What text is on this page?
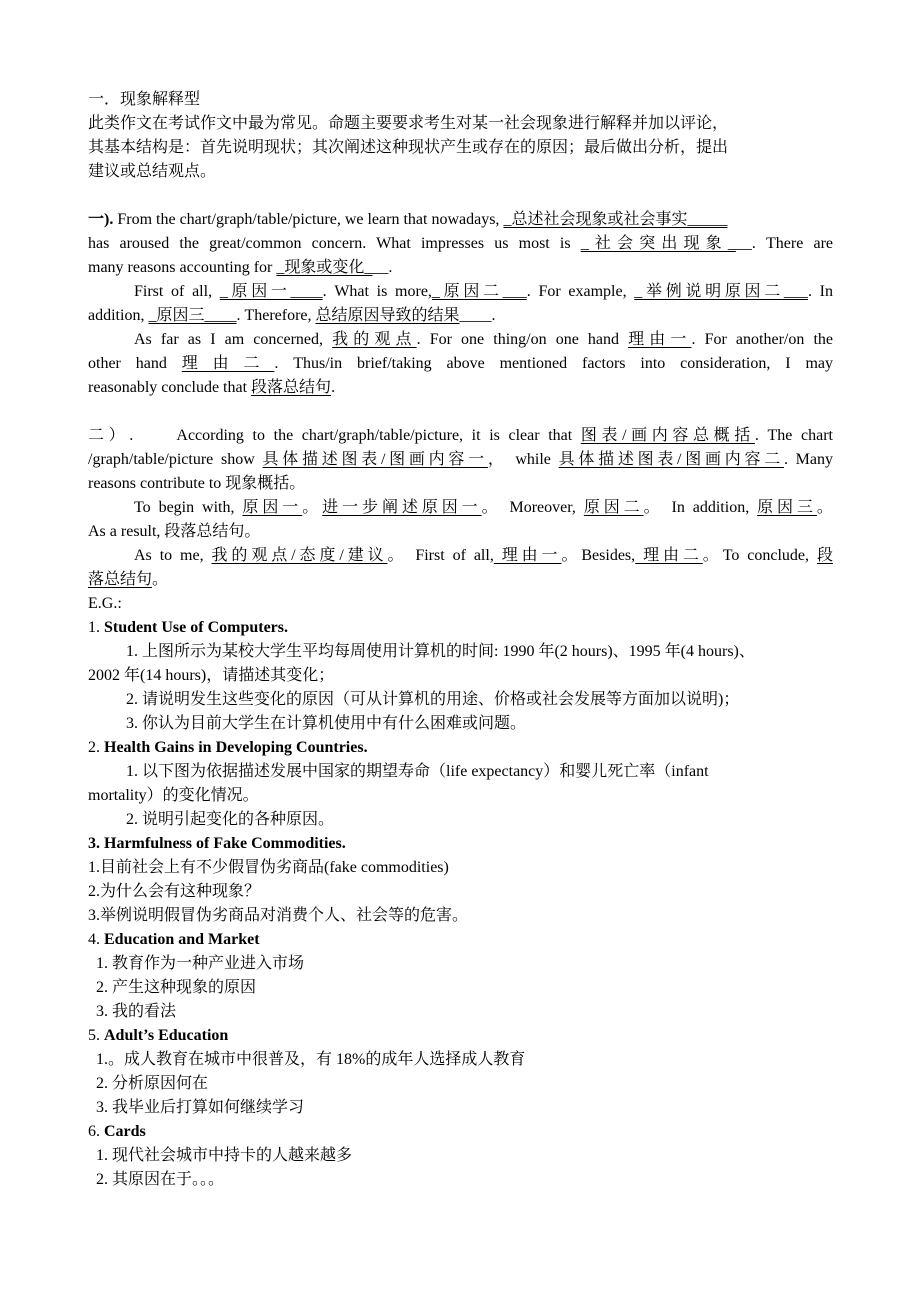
一．现象解释型
此类作文在考试作文中最为常见。命题主要要求考生对某一社会现象进行解释并加以评论，
其基本结构是：首先说明现状；其次阐述这种现状产生或存在的原因；最后做出分析，提出
建议或总结观点。
一). From the chart/graph/table/picture, we learn that nowadays, _总述社会现象或社会事实_____
has aroused the great/common concern. What impresses us most is _社会突出现象___. There are
many reasons accounting for _现象或变化___.
First of all, _原因一____. What is more,_原因二___. For example, _举例说明原因二___. In
addition, _原因三____. Therefore, 总结原因导致的结果____.
As far as I am concerned, 我的观点. For one thing/on one hand 理由一. For another/on the
other hand 理由二. Thus/in brief/taking above mentioned factors into consideration, I may
reasonably conclude that 段落总结句.
二）.	According to the chart/graph/table/picture, it is clear that 图表/画内容总概括. The chart
/graph/table/picture show 具体描述图表/图画内容一， while 具体描述图表/图画内容二. Many
reasons contribute to 现象概括。
To begin with, 原因一。进一步阐述原因一。 Moreover, 原因二。 In addition, 原因三。
As a result, 段落总结句。
As to me, 我的观点/态度/建议。 First of all, 理由一。Besides, 理由二。To conclude, 段
落总结句。
E.G.:
1. Student Use of Computers.
1. 上图所示为某校大学生平均每周使用计算机的时间: 1990 年(2 hours)、1995 年(4 hours)、
2002 年(14 hours)，请描述其变化；
2. 请说明发生这些变化的原因（可从计算机的用途、价格或社会发展等方面加以说明)；
3. 你认为目前大学生在计算机使用中有什么困难或问题。
2. Health Gains in Developing Countries.
1. 以下图为依据描述发展中国家的期望寿命（life expectancy）和婴儿死亡率（infant
mortality）的变化情况。
2. 说明引起变化的各种原因。
3. Harmfulness of Fake Commodities.
1.目前社会上有不少假冒伪劣商品(fake commodities)
2.为什么会有这种现象？
3.举例说明假冒伪劣商品对消费个人、社会等的危害。
4. Education and Market
1. 教育作为一种产业进入市场
2. 产生这种现象的原因
3. 我的看法
5. Adult’s Education
1.。成人教育在城市中很普及，有 18%的成年人选择成人教育
2. 分析原因何在
3. 我毕业后打算如何继续学习
6. Cards
1. 现代社会城市中持卡的人越来越多
2. 其原因在于。。。
